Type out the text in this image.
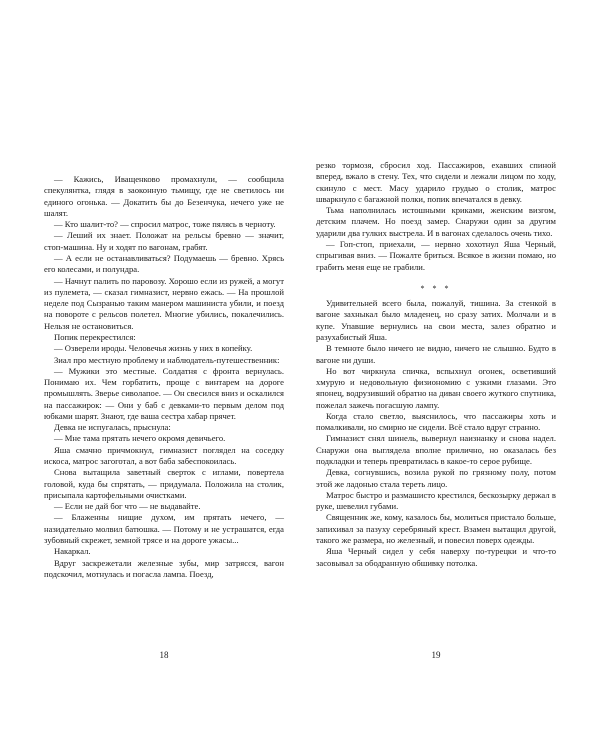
— Кажись, Иващенково промахнули, — сообщила спекулянтка, глядя в заоконную тьмищу, где не светилось ни единого огонька. — Докатить бы до Безенчука, нечего уже не шалят.

— Кто шалит-то? — спросил матрос, тоже пялясь в черноту.

— Леший их знает. Положат на рельсы бревно — значит, стоп-машина. Ну и ходят по вагонам, грабят.

— А если не останавливаться? Подумаешь — бревно. Хрясь его колесами, и полундра.

— Начнут палить по паровозу. Хорошо если из ружей, а могут из пулемета, — сказал гимназист, нервно ежась. — На прошлой неделе под Сызранью таким манером машиниста убили, и поезд на повороте с рельсов полетел. Многие убились, покалечились. Нельзя не остановиться.

Попик перекрестился:

— Озверели ироды. Человечья жизнь у них в копейку.

Зиал про местную проблему и наблюдатель-путешественник:

— Мужики это местные. Солдатня с фронта вернулась. Понимаю их. Чем горбатить, проще с винтарем на дороге промышлять. Зверье сиволапое. — Он свесился вниз и оскалился на пассажирок: — Они у баб с девками-то первым делом под юбками шарят. Знают, где ваша сестра хабар прячет.

Девка не испугалась, прыснула:

— Мне тама прятать нечего окромя девичьего.

Яша смачно причмокнул, гимназист поглядел на соседку искоса, матрос загоготал, а вот баба забеспокоилась.

Снова вытащила заветный сверток с иглами, повертела головой, куда бы спрятать, — придумала. Положила на столик, присыпала картофельными очистками.

— Если не дай бог что — не выдавайте.

— Блаженны нищие духом, им прятать нечего, — назидательно молвил батюшка. — Потому и не устрашатся, егда зубовный скрежет, земной трясе и на дороге ужасы...

Накаркал.

Вдруг заскрежетали железные зубы, мир затрясся, вагон подскочил, мотнулась и погасла лампа. Поезд,

резко тормозя, сбросил ход. Пассажиров, ехавших спиной вперед, вжало в стену. Тех, что сидели и лежали лицом по ходу, скинуло с мест. Масу ударило грудью о столик, матрос шваркнуло с багажной полки, попик впечатался в девку.

Тьма наполнилась истошными криками, женским визгом, детским плачем. Но поезд замер. Снаружи один за другим ударили два гулких выстрела. И в вагонах сделалось очень тихо.

— Гоп-стоп, приехали, — нервно хохотнул Яша Черный, спрыгивая вниз. — Пожалте бриться. Всякое в жизни помаю, но грабить меня еще не грабили.

* * *

Удивительней всего была, пожалуй, тишина. За стенкой в вагоне захныкал было младенец, но сразу затих. Молчали и в купе. Упавшие вернулись на свои места, залез обратно и разухабистый Яша.

В темноте было ничего не видно, ничего не слышно. Будто в вагоне ни души.

Но вот чиркнула спичка, вспыхнул огонек, осветивший хмурую и недовольную физиономию с узкими глазами. Это японец, водрузивший обратно на диван своего жуткого спутника, пожелал зажечь погасшую лампу.

Когда стало светло, выяснилось, что пассажиры хоть и помалкивали, но смирно не сидели. Всё стало вдруг странно.

Гимназист снял шинель, вывернул наизнанку и снова надел. Снаружи она выглядела вполне прилично, но оказалась без подкладки и теперь превратилась в какое-то серое рубище.

Девка, согнувшись, возила рукой по грязному полу, потом этой же ладонью стала тереть лицо.

Матрос быстро и размашисто крестился, бескозырку держал в руке, шевелил губами.

Священник же, кому, казалось бы, молиться пристало больше, запихивал за пазуху серебряный крест. Взамен вытащил другой, такого же размера, но железный, и повесил поверх одежды.

Яша Черный сидел у себя наверху по-турецки и что-то засовывал за ободранную обшивку потолка.

18	19
